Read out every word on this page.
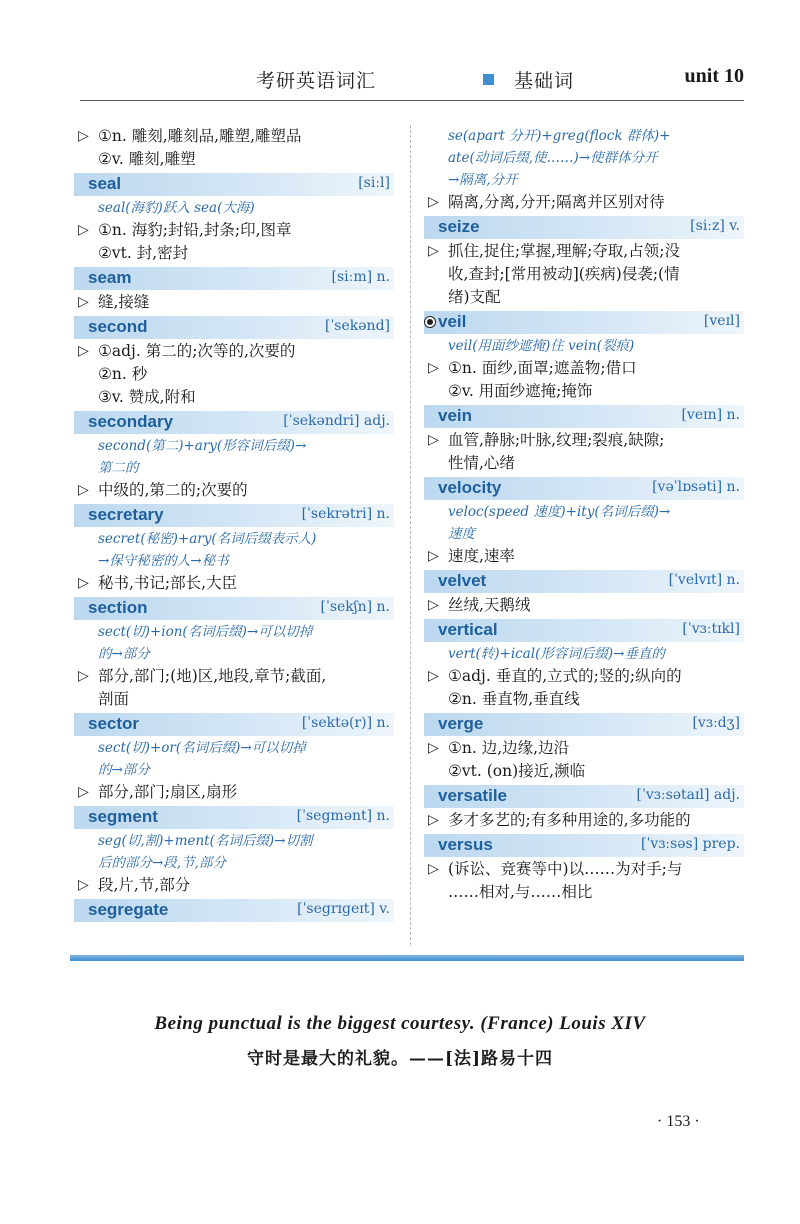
考研英语词汇	基础词	unit 10
▷ ①n. 雕刻,雕刻品,雕塑,雕塑品
②v. 雕刻,雕塑
seal	[siːl]
seal(海豹)跃入 sea(大海)
▷ ①n. 海豹;封铅,封条;印,图章
②vt. 封,密封
seam	[siːm] n.
▷ 缝,接缝
second	[ˈsekənd]
▷ ①adj. 第二的;次等的,次要的
②n. 秒
③v. 赞成,附和
secondary	[ˈsekəndri] adj.
second(第二)+ary(形容词后缀)→
第二的
▷ 中级的,第二的;次要的
secretary	[ˈsekrətri] n.
secret(秘密)+ary(名词后缀表示人)
→保守秘密的人→秘书
▷ 秘书,书记;部长,大臣
section	[ˈsekʃn] n.
sect(切)+ion(名词后缀)→可以切掉
的→部分
▷ 部分,部门;(地)区,地段,章节;截面,
剖面
sector	[ˈsektə(r)] n.
sect(切)+or(名词后缀)→可以切掉
的→部分
▷ 部分,部门;扇区,扇形
segment	[ˈsegmənt] n.
seg(切,割)+ment(名词后缀)→切割
后的部分→段,节,部分
▷ 段,片,节,部分
segregate	[ˈsegrɪgeɪt] v.
se(apart 分开)+greg(flock 群体)+
ate(动词后缀,使……)→使群体分开
→隔离,分开
▷ 隔离,分离,分开;隔离并区别对待
seize	[siːz] v.
▷ 抓住,捉住;掌握,理解;夺取,占领;没
收,查封;[常用被动](疾病)侵袭;(情
绪)支配
veil	[veɪl]
veil(用面纱遮掩)住 vein(裂痕)
▷ ①n. 面纱,面罩;遮盖物;借口
②v. 用面纱遮掩;掩饰
vein	[veɪn] n.
▷ 血管,静脉;叶脉,纹理;裂痕,缺隙;
性情,心绪
velocity	[vəˈlɒsəti] n.
veloc(speed 速度)+ity(名词后缀)→
速度
▷ 速度,速率
velvet	[ˈvelvɪt] n.
▷ 丝绒,天鹅绒
vertical	[ˈvɜːtɪkl]
vert(转)+ical(形容词后缀)→垂直的
▷ ①adj. 垂直的,立式的;竖的;纵向的
②n. 垂直物,垂直线
verge	[vɜːdʒ]
▷ ①n. 边,边缘,边沿
②vt. (on)接近,濒临
versatile	[ˈvɜːsətaɪl] adj.
▷ 多才多艺的;有多种用途的,多功能的
versus	[ˈvɜːsəs] prep.
▷ (诉讼、竞赛等中)以……为对手;与
……相对,与……相比
Being punctual is the biggest courtesy. (France) Louis XIV
守时是最大的礼貌。——[法]路易十四
· 153 ·
